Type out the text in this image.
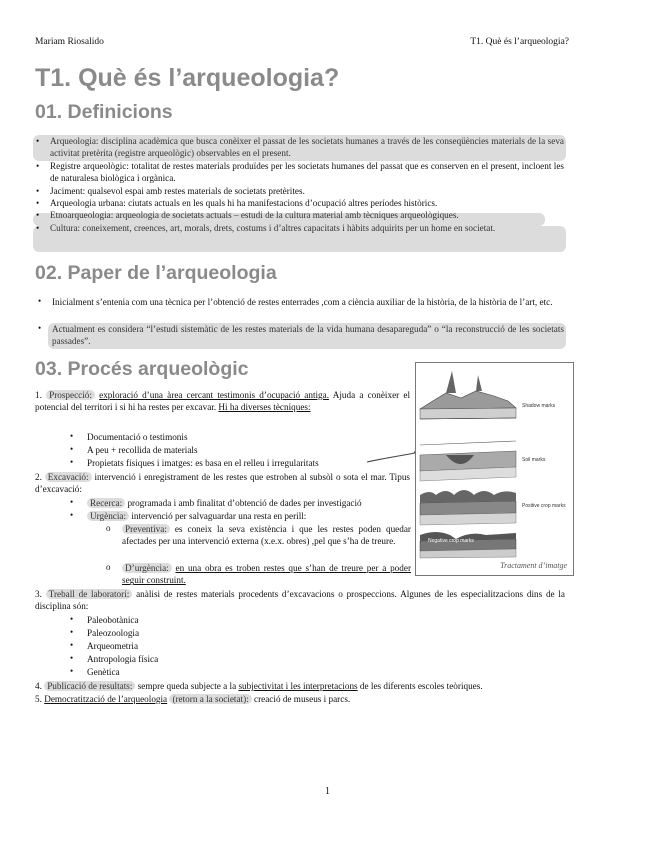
Mariam Riosalido	T1. Què és l’arqueologia?
T1. Què és l’arqueologia?
01. Definicions
• Arqueologia: disciplina acadèmica que busca conèixer el passat de les societats humanes a través de les conseqüències materials de la seva activitat pretèrita (registre arqueològic) observables en el present.
• Registre arqueològic: totalitat de restes materials produïdes per les societats humanes del passat que es conserven en el present, incloent les de naturalesa biològica i orgànica.
• Jaciment: qualsevol espai amb restes materials de societats pretèrites.
• Arqueologia urbana: ciutats actuals en les quals hi ha manifestacions d’ocupació altres períodes històrics.
• Etnoarqueologia: arqueologia de societats actuals – estudi de la cultura material amb tècniques arqueològiques.
• Cultura: coneixement, creences, art, morals, drets, costums i d’altres capacitats i hàbits adquirits per un home en societat.
02. Paper de l’arqueologia
• Inicialment s’entenia com una tècnica per l’obtenció de restes enterrades ,com a ciència auxiliar de la història, de la història de l’art, etc.
• Actualment es considera “l’estudi sistemàtic de les restes materials de la vida humana desapareguda” o “la reconstrucció de les societats passades”.
03. Procés arqueològic
1. Prospecció: exploració d’una àrea cercant testimonis d’ocupació antiga. Ajuda a conèixer el potencial del territori i si hi ha restes per excavar. Hi ha diverses tècniques:
• Documentació o testimonis
• A peu + recollida de materials
• Propietats físiques i imatges: es basa en el relleu i irregularitats
2. Excavació: intervenció i enregistrament de les restes que estroben al subsòl o sota el mar. Tipus d’excavació:
•	Recerca: programada i amb finalitat d’obtenció de dades per investigació
•	Urgència: intervenció per salvaguardar una resta en perill:
o	Preventiva: es coneix la seva existència i que les restes poden quedar afectades per una intervenció externa (x.e.x. obres) ,pel que s’ha de treure.
o	D’urgència: en una obra es troben restes que s’han de treure per a poder seguir construint.
Shadow marks
Soil marks
Positive crop marks
Negative crop marks
Tractament d’imatge
3. Treball de laboratori: anàlisi de restes materials procedents d’excavacions o prospeccions. Algunes de les especialitzacions dins de la disciplina són:
• Paleobotànica
• Paleozoologia
• Arqueometria
• Antropologia física
• Genètica
4. Publicació de resultats: sempre queda subjecte a la subjectivitat i les interpretacions de les diferents escoles teòriques.
5. Democratització de l’arqueologia (retorn a la societat): creació de museus i parcs.
1
